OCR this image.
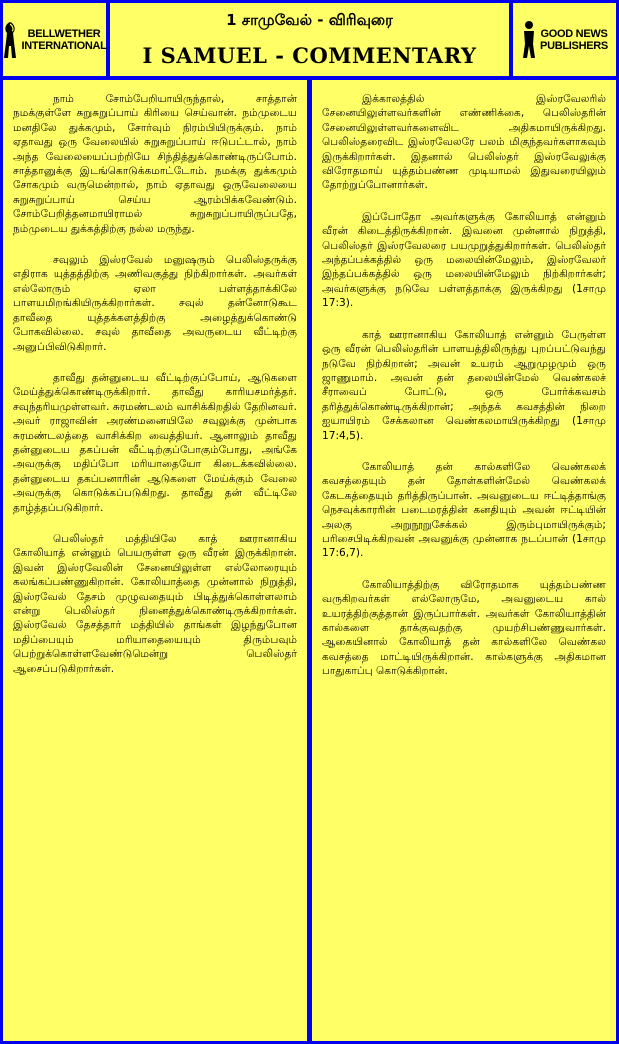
BELLWETHER
INTERNATIONAL
1 சாமுவேல் - விரிவுரை
I SAMUEL - COMMENTARY
GOOD NEWS
PUBLISHERS

நாம் சோம்பேறியாயிருந்தால், சாத்தான் நமக்குள்ளே சுறுசுறுப்பாய் கிரியை செய்வான். நம்முடைய மனதிலே துக்கமும், சோர்வும் நிரம்பியிருக்கும். நாம் ஏதாவது ஒரு வேலையில் சுறுசுறுப்பாய் ஈடுபட்டால், நாம் அந்த வேலையைப்பற்றியே சிந்தித்துக்கொண்டிருப்போம். சாத்தானுக்கு இடங்கொடுக்கமாட்டோம். நமக்கு துக்கமும் சோகமும் வருமென்றால், நாம் ஏதாவது ஒருவேலையை சுறுசுறுப்பாய் செய்ய ஆரம்பிக்கவேண்டும். சோம்பேறித்தனமாயிராமல் சுறுசுறுப்பாயிருப்பதே, நம்முடைய துக்கத்திற்கு நல்ல மருந்து.

சவுலும் இஸ்ரவேல் மனுஷரும் பெலிஸ்தருக்கு எதிராக யுத்தத்திற்கு அணிவகுத்து நிற்கிறார்கள். அவர்கள் எல்லோரும் ஏலா பள்ளத்தாக்கிலே பாளயமிறங்கியிருக்கிறார்கள். சவுல் தன்னோடுகூட தாவீதை யுத்தக்களத்திற்கு அழைத்துக்கொண்டு போகவில்லை. சவுல் தாவீதை அவருடைய வீட்டிற்கு அனுப்பிவிடுகிறார்.

தாவீது தன்னுடைய வீட்டிற்குப்போய், ஆடுகளை மேய்த்துக்கொண்டிருக்கிறார். தாவீது காரியசமர்த்தர். சவுந்தரியமுள்ளவர். சுரமண்டலம் வாசிக்கிறதில் தேறினவர். அவர் ராஜாவின் அரண்மனையிலே சவுலுக்கு முன்பாக சுரமண்டலத்தை வாசிக்கிற வைத்தியர். ஆனாலும் தாவீது தன்னுடைய தகப்பன் வீட்டிற்குப்போகும்போது, அங்கே அவருக்கு மதிப்போ மரியாதையோ கிடைக்கவில்லை. தன்னுடைய தகப்பனாரின் ஆடுகளை மேய்க்கும் வேலை அவருக்கு கொடுக்கப்படுகிறது. தாவீது தன் வீட்டிலே தாழ்த்தப்படுகிறார்.

பெலிஸ்தர் மத்தியிலே காத் ஊரானாகிய கோலியாத் என்னும் பெயருள்ள ஒரு வீரன் இருக்கிறான். இவன் இஸ்ரவேலின் சேனையிலுள்ள எல்லோரையும் கலங்கப்பண்ணுகிறான். கோலியாத்தை முன்னால் நிறுத்தி, இஸ்ரவேல் தேசம் முழுவதையும் பிடித்துக்கொள்ளலாம் என்று பெலிஸ்தர் நினைத்துக்கொண்டிருக்கிறார்கள். இஸ்ரவேல் தேசத்தார் மத்தியில் தாங்கள் இழந்துபோன மதிப்பையும் மரியாதையையும் திரும்பவும் பெற்றுக்கொள்ளவேண்டுமென்று பெலிஸ்தர் ஆசைப்படுகிறார்கள்.

இக்காலத்தில் இஸ்ரவேலரில் சேனையிலுள்ளவர்களின் எண்ணிக்கை, பெலிஸ்தரின் சேனையிலுள்ளவர்களைவிட அதிகமாயிருக்கிறது. பெலிஸ்தரைவிட இஸ்ரவேலரே பலம் மிகுந்தவர்களாகவும் இருக்கிறார்கள். இதனால் பெலிஸ்தர் இஸ்ரவேலுக்கு விரோதமாய் யுத்தம்பண்ண முடியாமல் இதுவரையிலும் தோற்றுப்போனார்கள்.

இப்போதோ அவர்களுக்கு கோலியாத் என்னும் வீரன் கிடைத்திருக்கிறான். இவனை முன்னால் நிறுத்தி, பெலிஸ்தர் இஸ்ரவேலரை பயமுறுத்துகிறார்கள். பெலிஸ்தர் அந்தப்பக்கத்தில் ஒரு மலையின்மேலும், இஸ்ரவேலர் இந்தப்பக்கத்தில் ஒரு மலையின்மேலும் நிற்கிறார்கள்; அவர்களுக்கு நடுவே பள்ளத்தாக்கு இருக்கிறது (1சாமு 17:3).

காத் ஊரானாகிய கோலியாத் என்னும் பேருள்ள ஒரு வீரன் பெலிஸ்தரின் பாளயத்திலிருந்து புறப்பட்டுவந்து நடுவே நிற்கிறான்; அவன் உயரம் ஆறுமுழமும் ஒரு ஜாணுமாம். அவன் தன் தலையின்மேல் வெண்கலச் சீராவைப் போட்டு, ஒரு போர்க்கவசம் தரித்துக்கொண்டிருக்கிறான்; அந்தக் கவசத்தின் நிறை ஐயாயிரம் சேக்கலான வெண்கலமாயிருக்கிறது (1சாமு 17:4,5).

கோலியாத் தன் கால்களிலே வெண்கலக் கவசத்தையும் தன் தோள்களின்மேல் வெண்கலக் கேடகத்தையும் தரித்திருப்பான். அவனுடைய ஈட்டித்தாங்கு நெசவுக்காரரின் படைமரத்தின் கனதியும் அவன் ஈட்டியின் அலகு அறுநூறுசேக்கல் இரும்புமாயிருக்கும்; பரிசைபிடிக்கிறவன் அவனுக்கு முன்னாக நடப்பான் (1சாமு 17:6,7).

கோலியாத்திற்கு விரோதமாக யுத்தம்பண்ண வருகிறவர்கள் எல்லோருமே, அவனுடைய கால் உயரத்திற்குத்தான் இருப்பார்கள். அவர்கள் கோலியாத்தின் கால்களை தாக்குவதற்கு முயற்சிபண்ணுவார்கள். ஆகையினால் கோலியாத் தன் கால்களிலே வெண்கல கவசத்தை மாட்டியிருக்கிறான். கால்களுக்கு அதிகமான பாதுகாப்பு கொடுக்கிறான்.
